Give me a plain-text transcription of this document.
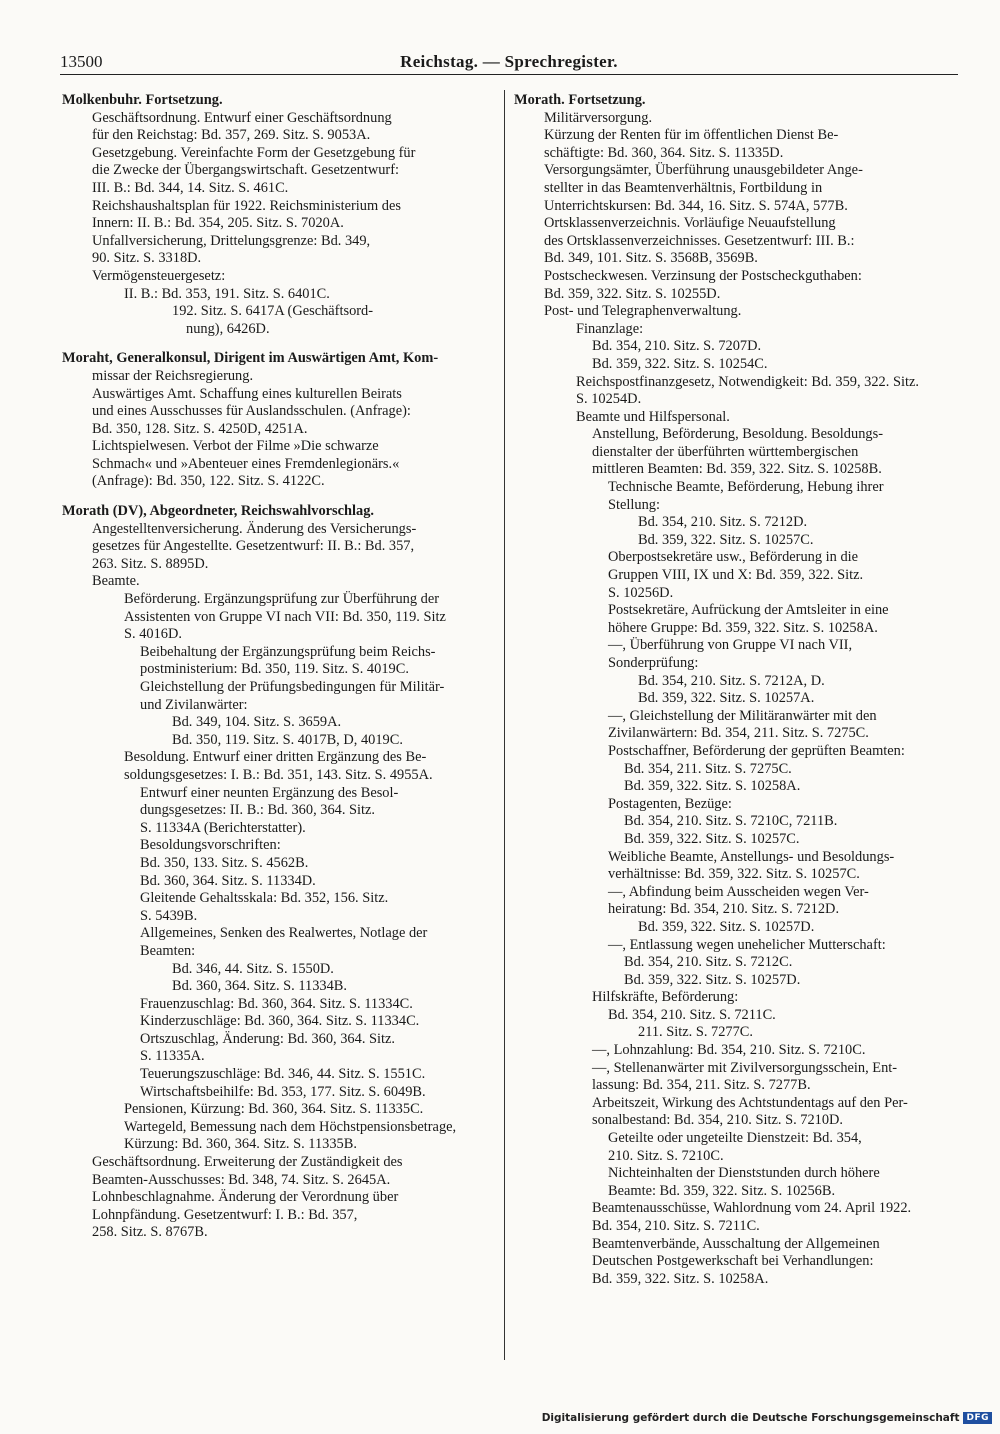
13500	Reichstag. — Sprechregister.
Molkenbuhr. Fortsetzung.
Geschäftsordnung. Entwurf einer Geschäftsordnung
für den Reichstag: Bd. 357, 269. Sitz. S. 9053A.
Gesetzgebung. Vereinfachte Form der Gesetzgebung für
die Zwecke der Übergangswirtschaft. Gesetzentwurf:
III. B.: Bd. 344, 14. Sitz. S. 461C.
Reichshaushaltsplan für 1922. Reichsministerium des
Innern: II. B.: Bd. 354, 205. Sitz. S. 7020A.
Unfallversicherung, Drittelungsgrenze: Bd. 349,
90. Sitz. S. 3318D.
Vermögensteuergesetz:
II. B.: Bd. 353, 191. Sitz. S. 6401C.
192. Sitz. S. 6417A (Geschäftsord-
nung), 6426D.
Moraht, Generalkonsul, Dirigent im Auswärtigen Amt, Kom-
missar der Reichsregierung.
Auswärtiges Amt. Schaffung eines kulturellen Beirats
und eines Ausschusses für Auslandsschulen. (Anfrage):
Bd. 350, 128. Sitz. S. 4250D, 4251A.
Lichtspielwesen. Verbot der Filme »Die schwarze
Schmach« und »Abenteuer eines Fremdenlegionärs.«
(Anfrage): Bd. 350, 122. Sitz. S. 4122C.
Morath (DV), Abgeordneter, Reichswahlvorschlag.
Angestelltenversicherung. Änderung des Versicherungs-
gesetzes für Angestellte. Gesetzentwurf: II. B.: Bd. 357,
263. Sitz. S. 8895D.
Beamte.
Beförderung. Ergänzungsprüfung zur Überführung der
Assistenten von Gruppe VI nach VII: Bd. 350, 119. Sitz
S. 4016D.
Beibehaltung der Ergänzungsprüfung beim Reichs-
postministerium: Bd. 350, 119. Sitz. S. 4019C.
Gleichstellung der Prüfungsbedingungen für Militär-
und Zivilanwärter:
Bd. 349, 104. Sitz. S. 3659A.
Bd. 350, 119. Sitz. S. 4017B, D, 4019C.
Besoldung. Entwurf einer dritten Ergänzung des Be-
soldungsgesetzes: I. B.: Bd. 351, 143. Sitz. S. 4955A.
Entwurf einer neunten Ergänzung des Besol-
dungsgesetzes: II. B.: Bd. 360, 364. Sitz.
S. 11334A (Berichterstatter).
Besoldungsvorschriften:
Bd. 350, 133. Sitz. S. 4562B.
Bd. 360, 364. Sitz. S. 11334D.
Gleitende Gehaltsskala: Bd. 352, 156. Sitz.
S. 5439B.
Allgemeines, Senken des Realwertes, Notlage der
Beamten:
Bd. 346, 44. Sitz. S. 1550D.
Bd. 360, 364. Sitz. S. 11334B.
Frauenzuschlag: Bd. 360, 364. Sitz. S. 11334C.
Kinderzuschläge: Bd. 360, 364. Sitz. S. 11334C.
Ortszuschlag, Änderung: Bd. 360, 364. Sitz.
S. 11335A.
Teuerungszuschläge: Bd. 346, 44. Sitz. S. 1551C.
Wirtschaftsbeihilfe: Bd. 353, 177. Sitz. S. 6049B.
Pensionen, Kürzung: Bd. 360, 364. Sitz. S. 11335C.
Wartegeld, Bemessung nach dem Höchstpensionsbetrage,
Kürzung: Bd. 360, 364. Sitz. S. 11335B.
Geschäftsordnung. Erweiterung der Zuständigkeit des
Beamten-Ausschusses: Bd. 348, 74. Sitz. S. 2645A.
Lohnbeschlagnahme. Änderung der Verordnung über
Lohnpfändung. Gesetzentwurf: I. B.: Bd. 357,
258. Sitz. S. 8767B.
Morath. Fortsetzung.
Militärversorgung.
Kürzung der Renten für im öffentlichen Dienst Be-
schäftigte: Bd. 360, 364. Sitz. S. 11335D.
Versorgungsämter, Überführung unausgebildeter Ange-
stellter in das Beamtenverhältnis, Fortbildung in
Unterrichtskursen: Bd. 344, 16. Sitz. S. 574A, 577B.
Ortsklassenverzeichnis. Vorläufige Neuaufstellung
des Ortsklassenverzeichnisses. Gesetzentwurf: III. B.:
Bd. 349, 101. Sitz. S. 3568B, 3569B.
Postscheckwesen. Verzinsung der Postscheckguthaben:
Bd. 359, 322. Sitz. S. 10255D.
Post- und Telegraphenverwaltung.
Finanzlage:
Bd. 354, 210. Sitz. S. 7207D.
Bd. 359, 322. Sitz. S. 10254C.
Reichspostfinanzgesetz, Notwendigkeit: Bd. 359, 322. Sitz.
S. 10254D.
Beamte und Hilfspersonal.
Anstellung, Beförderung, Besoldung. Besoldungs-
dienstalter der überführten württembergischen
mittleren Beamten: Bd. 359, 322. Sitz. S. 10258B.
Technische Beamte, Beförderung, Hebung ihrer
Stellung:
Bd. 354, 210. Sitz. S. 7212D.
Bd. 359, 322. Sitz. S. 10257C.
Oberpostsekretäre usw., Beförderung in die
Gruppen VIII, IX und X: Bd. 359, 322. Sitz.
S. 10256D.
Postsekretäre, Aufrückung der Amtsleiter in eine
höhere Gruppe: Bd. 359, 322. Sitz. S. 10258A.
—, Überführung von Gruppe VI nach VII,
Sonderprüfung:
Bd. 354, 210. Sitz. S. 7212A, D.
Bd. 359, 322. Sitz. S. 10257A.
—, Gleichstellung der Militäranwärter mit den
Zivilanwärtern: Bd. 354, 211. Sitz. S. 7275C.
Postschaffner, Beförderung der geprüften Beamten:
Bd. 354, 211. Sitz. S. 7275C.
Bd. 359, 322. Sitz. S. 10258A.
Postagenten, Bezüge:
Bd. 354, 210. Sitz. S. 7210C, 7211B.
Bd. 359, 322. Sitz. S. 10257C.
Weibliche Beamte, Anstellungs- und Besoldungs-
verhältnisse: Bd. 359, 322. Sitz. S. 10257C.
—, Abfindung beim Ausscheiden wegen Ver-
heiratung: Bd. 354, 210. Sitz. S. 7212D.
Bd. 359, 322. Sitz. S. 10257D.
—, Entlassung wegen unehelicher Mutterschaft:
Bd. 354, 210. Sitz. S. 7212C.
Bd. 359, 322. Sitz. S. 10257D.
Hilfskräfte, Beförderung:
Bd. 354, 210. Sitz. S. 7211C.
211. Sitz. S. 7277C.
—, Lohnzahlung: Bd. 354, 210. Sitz. S. 7210C.
—, Stellenanwärter mit Zivilversorgungsschein, Ent-
lassung: Bd. 354, 211. Sitz. S. 7277B.
Arbeitszeit, Wirkung des Achtstundentags auf den Per-
sonalbestand: Bd. 354, 210. Sitz. S. 7210D.
Geteilte oder ungeteilte Dienstzeit: Bd. 354,
210. Sitz. S. 7210C.
Nichteinhalten der Dienststunden durch höhere
Beamte: Bd. 359, 322. Sitz. S. 10256B.
Beamtenausschüsse, Wahlordnung vom 24. April 1922.
Bd. 354, 210. Sitz. S. 7211C.
Beamtenverbände, Ausschaltung der Allgemeinen
Deutschen Postgewerkschaft bei Verhandlungen:
Bd. 359, 322. Sitz. S. 10258A.
Digitalisierung gefördert durch die Deutsche Forschungsgemeinschaft DFG
